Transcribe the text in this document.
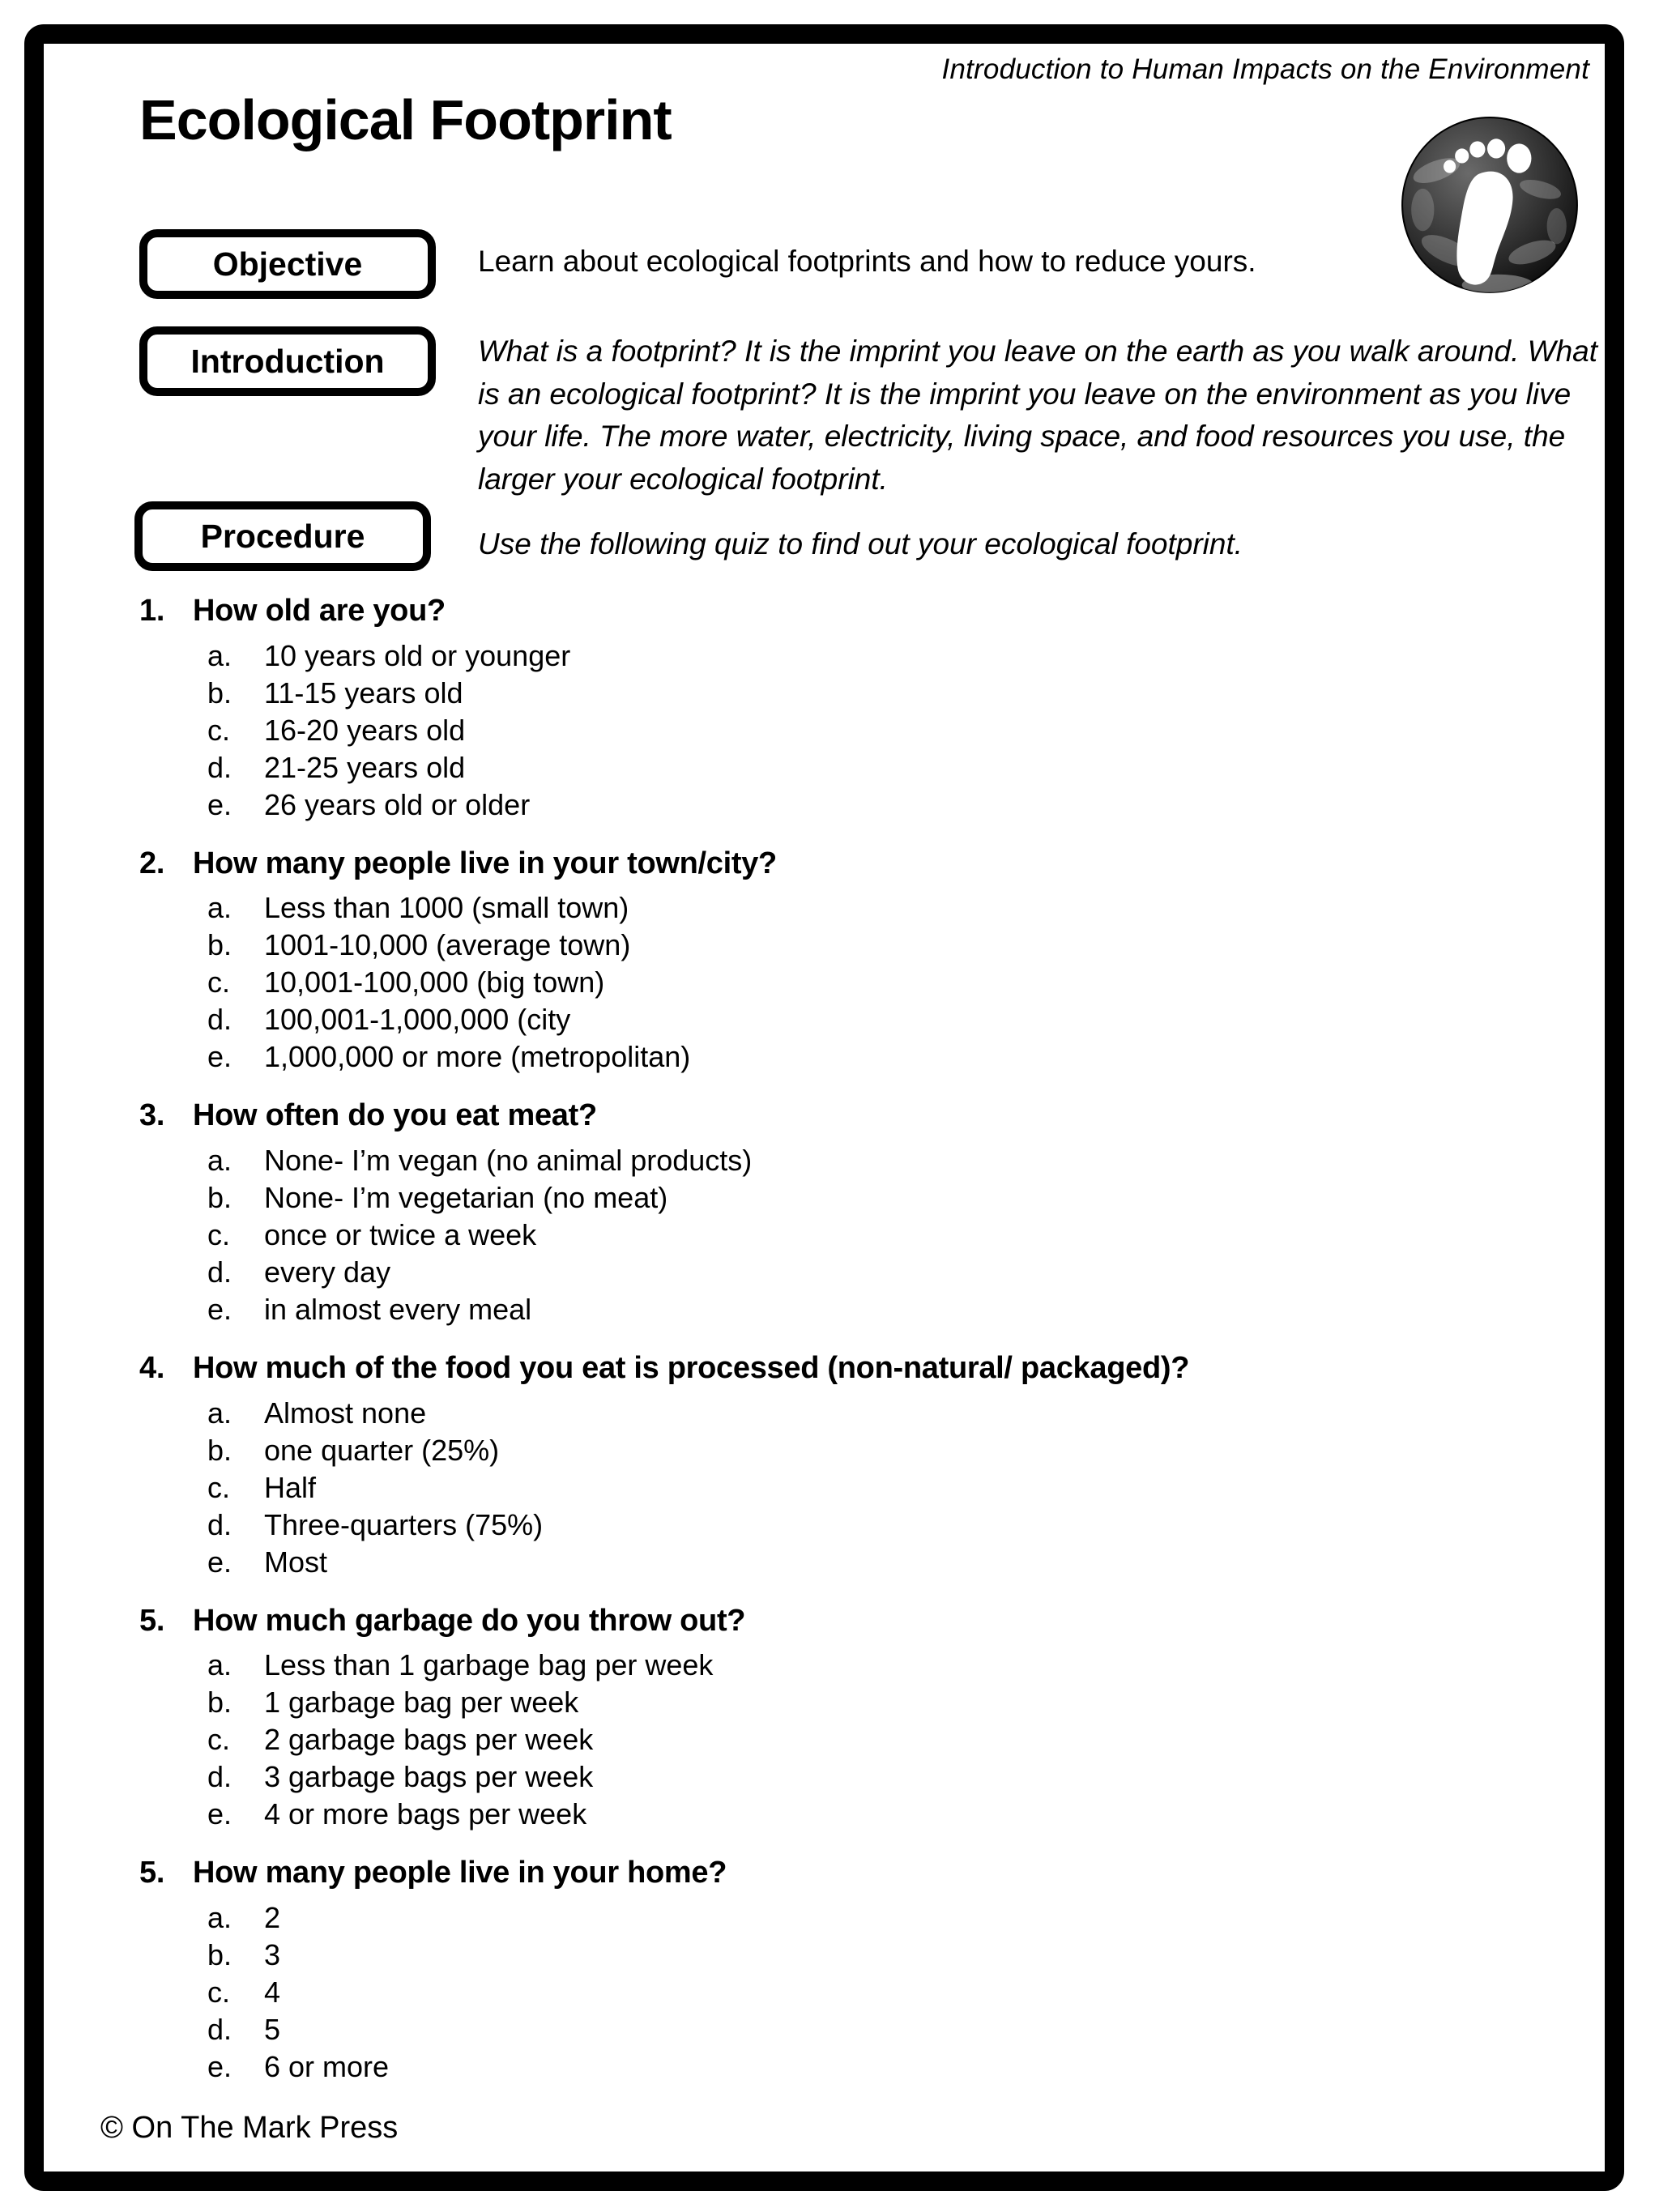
Introduction to Human Impacts on the Environment
Ecological Footprint
Objective	Learn about ecological footprints and how to reduce yours.

Introduction	What is a footprint? It is the imprint you leave on the earth as you walk around. What is an ecological footprint? It is the imprint you leave on the environment as you live your life. The more water, electricity, living space, and food resources you use, the larger your ecological footprint.

Procedure	Use the following quiz to find out your ecological footprint.

1. How old are you?
a.	10 years old or younger
b.	11-15 years old
c.	16-20 years old
d.	21-25 years old
e.	26 years old or older
2. How many people live in your town/city?
a.	Less than 1000 (small town)
b.	1001-10,000 (average town)
c.	10,001-100,000 (big town)
d.	100,001-1,000,000 (city
e.	1,000,000 or more (metropolitan)
3. How often do you eat meat?
a.	None- I’m vegan (no animal products)
b.	None- I’m vegetarian (no meat)
c.	once or twice a week
d.	every day
e.	in almost every meal
4. How much of the food you eat is processed (non-natural/ packaged)?
a.	Almost none
b.	one quarter (25%)
c.	Half
d.	Three-quarters (75%)
e.	Most
5. How much garbage do you throw out?
a.	Less than 1 garbage bag per week
b.	1 garbage bag per week
c.	2 garbage bags per week
d.	3 garbage bags per week
e.	4 or more bags per week
5. How many people live in your home?
a.	2
b.	3
c.	4
d.	5
e.	6 or more
© On The Mark Press
